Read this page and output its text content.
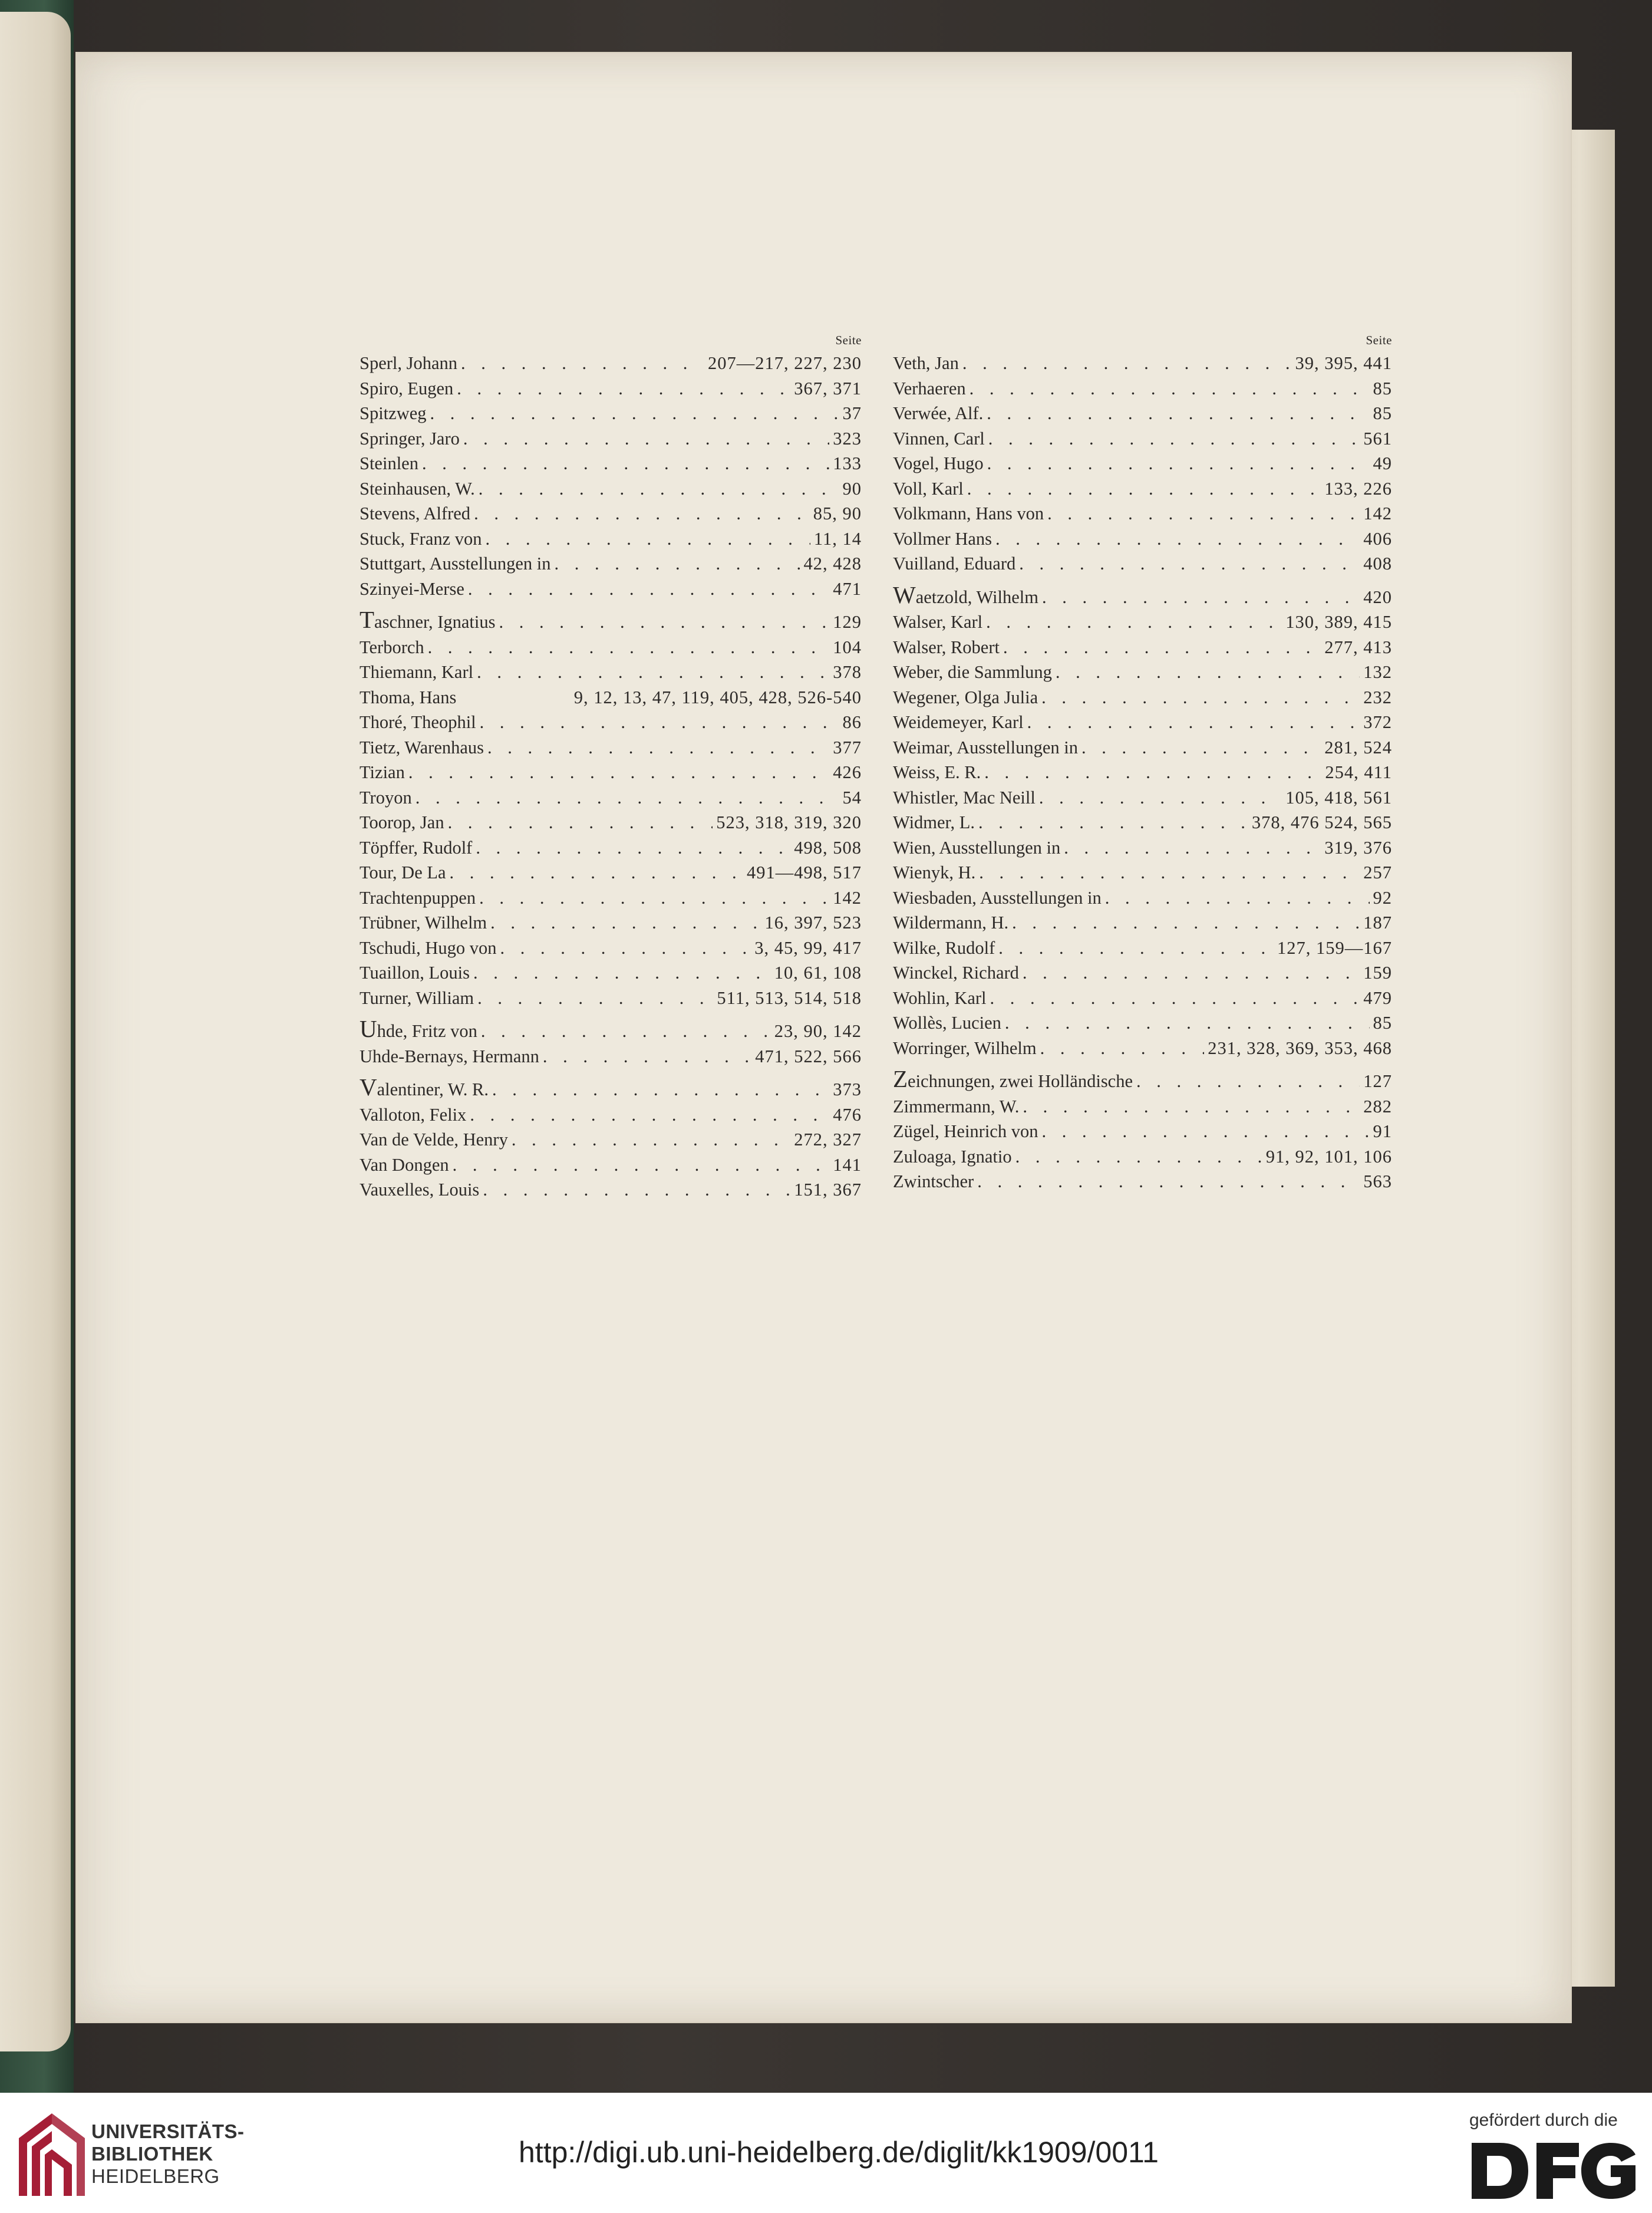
Seite
Sperl, Johann . . .	207—217, 227, 230
Spiro, Eugen . . .	367, 371
Spitzweg . . .	37
Springer, Jaro . . .	323
Steinlen . . .	133
Steinhausen, W. . . .	90
Stevens, Alfred . . .	85, 90
Stuck, Franz von . . .	11, 14
Stuttgart, Ausstellungen in . . .	42, 428
Szinyei-Merse . . .	471
Taschner, Ignatius . . .	129
Terborch . . .	104
Thiemann, Karl . . .	378
Thoma, Hans	9, 12, 13, 47, 119, 405, 428, 526-540
Thoré, Theophil . . .	86
Tietz, Warenhaus . . .	377
Tizian . . .	426
Troyon . . .	54
Toorop, Jan . . .	523, 318, 319, 320
Töpffer, Rudolf . . .	498, 508
Tour, De La . . .	491—498, 517
Trachtenpuppen . . .	142
Trübner, Wilhelm . . .	16, 397, 523
Tschudi, Hugo von . . .	3, 45, 99, 417
Tuaillon, Louis . . .	10, 61, 108
Turner, William . . .	511, 513, 514, 518
Uhde, Fritz von . . .	23, 90, 142
Uhde-Bernays, Hermann . . .	471, 522, 566
Valentiner, W. R. . . .	373
Valloton, Felix . . .	476
Van de Velde, Henry . . .	272, 327
Van Dongen . . .	141
Vauxelles, Louis . . .	151, 367
Seite
Veth, Jan . . .	39, 395, 441
Verhaeren . . .	85
Verwée, Alf. . . .	85
Vinnen, Carl . . .	561
Vogel, Hugo . . .	49
Voll, Karl . . .	133, 226
Volkmann, Hans von . . .	142
Vollmer Hans . . .	406
Vuilland, Eduard . . .	408
Waetzold, Wilhelm . . .	420
Walser, Karl . . .	130, 389, 415
Walser, Robert . . .	277, 413
Weber, die Sammlung . . .	132
Wegener, Olga Julia . . .	232
Weidemeyer, Karl . . .	372
Weimar, Ausstellungen in . . .	281, 524
Weiss, E. R. . . .	254, 411
Whistler, Mac Neill . . .	105, 418, 561
Widmer, L. . . .	378, 476 524, 565
Wien, Ausstellungen in . . .	319, 376
Wienyk, H. . . .	257
Wiesbaden, Ausstellungen in . . .	92
Wildermann, H. . . .	187
Wilke, Rudolf . . .	127, 159—167
Winckel, Richard . . .	159
Wohlin, Karl . . .	479
Wollès, Lucien . . .	85
Worringer, Wilhelm . . .	231, 328, 369, 353, 468
Zeichnungen, zwei Holländische . . .	127
Zimmermann, W. . . .	282
Zügel, Heinrich von . . .	91
Zuloaga, Ignatio . . .	91, 92, 101, 106
Zwintscher . . .	563
UNIVERSITÄTS-
BIBLIOTHEK
HEIDELBERG
http://digi.ub.uni-heidelberg.de/diglit/kk1909/0011
gefördert durch die
